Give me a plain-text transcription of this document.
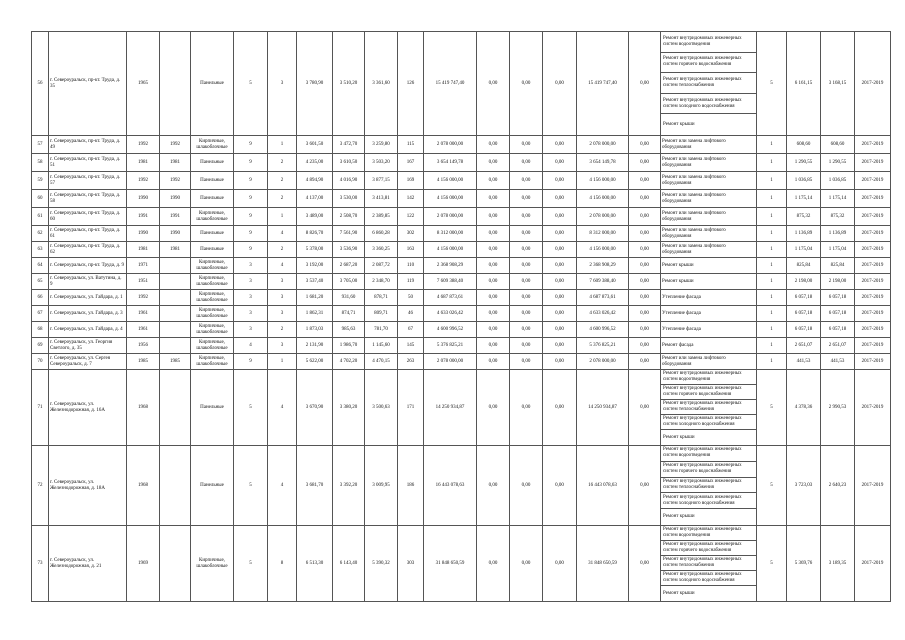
56	г. Североуральск, пр-кт. Труда, д. 35	1965		Панельные	5	3	3 780,90	3 510,20	3 361,60	126	15 419 747,40	0,00	0,00	0,00	15 419 747,40	0,00	Ремонт внутридомовых инженерных систем водоотведения
Ремонт внутридомовых инженерных систем горячего водоснабжения
Ремонт внутридомовых инженерных систем теплоснабжения
Ремонт внутридомовых инженерных систем холодного водоснабжения
Ремонт крыши	5	6 161,15	3 168,15	2017-2019
57	г. Североуральск, пр-кт. Труда, д. 49	1992	1992	Кирпичные, шлакоблочные	9	1	3 601,50	3 472,70	3 259,80	115	2 078 000,00	0,00	0,00	0,00	2 078 000,00	0,00	Ремонт или замена лифтового оборудования	1	608,60	608,60	2017-2019
58	г. Североуральск, пр-кт. Труда, д. 51	1981	1981	Панельные	9	2	4 235,00	3 610,50	3 503,20	167	3 654 149,78	0,00	0,00	0,00	3 654 149,78	0,00	Ремонт или замена лифтового оборудования	1	1 290,55	1 290,55	2017-2019
59	г. Североуральск, пр-кт. Труда, д. 57	1992	1992	Панельные	9	2	4 894,90	4 016,90	3 877,15	169	4 156 000,00	0,00	0,00	0,00	4 156 000,00	0,00	Ремонт или замена лифтового оборудования	1	1 036,85	1 036,85	2017-2019
60	г. Североуральск, пр-кт. Труда, д. 58	1990	1990	Панельные	9	2	4 137,00	3 530,00	3 413,81	142	4 156 000,00	0,00	0,00	0,00	4 156 000,00	0,00	Ремонт или замена лифтового оборудования	1	1 175,14	1 175,14	2017-2019
61	г. Североуральск, пр-кт. Труда, д. 60	1991	1991	Кирпичные, шлакоблочные	9	1	3 489,00	2 508,70	2 389,85	122	2 078 000,00	0,00	0,00	0,00	2 078 000,00	0,00	Ремонт или замена лифтового оборудования	1	875,32	875,32	2017-2019
62	г. Североуральск, пр-кт. Труда, д. 61	1990	1990	Панельные	9	4	8 826,70	7 561,90	6 860,28	302	8 312 000,00	0,00	0,00	0,00	8 312 000,00	0,00	Ремонт или замена лифтового оборудования	1	1 136,89	1 136,89	2017-2019
63	г. Североуральск, пр-кт. Труда, д. 62	1981	1981	Панельные	9	2	5 378,00	3 536,90	3 360,25	163	4 156 000,00	0,00	0,00	0,00	4 156 000,00	0,00	Ремонт или замена лифтового оборудования	1	1 175,04	1 175,04	2017-2019
64	г. Североуральск, пр-кт. Труда, д. 9	1971		Кирпичные, шлакоблочные	3	4	3 192,00	2 687,20	2 087,72	110	2 368 908,29	0,00	0,00	0,00	2 368 908,29	0,00	Ремонт крыши	1	825,84	825,84	2017-2019
65	г. Североуральск, ул. Ватутина, д. 9	1951		Кирпичные, шлакоблочные	3	3	3 537,40	3 705,00	2 348,70	119	7 609 388,40	0,00	0,00	0,00	7 609 388,40	0,00	Ремонт крыши	1	2 198,00	2 198,00	2017-2019
66	г. Североуральск, ул. Гайдара, д. 1	1992		Кирпичные, шлакоблочные	3	3	1 681,20	931,60	878,71	50	4 687 873,61	0,00	0,00	0,00	4 687 873,61	0,00	Утепление фасада	1	6 057,18	6 057,18	2017-2019
67	г. Североуральск, ул. Гайдара, д. 3	1961		Кирпичные, шлакоблочные	3	3	1 862,31	874,71	809,71	46	4 633 026,42	0,00	0,00	0,00	4 633 026,42	0,00	Утепление фасада	1	6 057,18	6 057,18	2017-2019
68	г. Североуральск, ул. Гайдара, д. 4	1961		Кирпичные, шлакоблочные	3	2	1 873,03	985,63	781,70	67	4 600 996,52	0,00	0,00	0,00	4 600 996,52	0,00	Утепление фасада	1	6 057,18	6 057,18	2017-2019
69	г. Североуральск, ул. Георгия Светлого, д. 35	1956		Кирпичные, шлакоблочные	4	3	2 131,90	1 986,70	1 145,60	145	5 376 825,21	0,00	0,00	0,00	5 376 825,21	0,00	Ремонт фасада	1	2 651,07	2 651,07	2017-2019
70	г. Североуральск, ул. Сергея Североуральск, д. 7	1985	1985	Кирпичные, шлакоблочные	9	1	5 622,00	4 702,20	4 470,15	263	2 078 000,00	0,00	0,00	0,00	2 078 000,00	0,00	Ремонт или замена лифтового оборудования	1	441,53	441,53	2017-2019
71	г. Североуральск, ул. Железнодорожная, д. 16А	1968		Панельные	5	4	3 670,90	3 380,20	3 500,63	171	14 250 934,87	0,00	0,00	0,00	14 250 934,87	0,00	Ремонт внутридомовых инженерных систем водоотведения
Ремонт внутридомовых инженерных систем горячего водоснабжения
Ремонт внутридомовых инженерных систем теплоснабжения
Ремонт внутридомовых инженерных систем холодного водоснабжения
Ремонт крыши	5	4 378,36	2 990,53	2017-2019
72	г. Североуральск, ул. Железнодорожная, д. 18А	1968		Панельные	5	4	3 681,70	3 392,20	3 009,95	186	16 443 078,63	0,00	0,00	0,00	16 443 078,63	0,00	Ремонт внутридомовых инженерных систем водоотведения
Ремонт внутридомовых инженерных систем горячего водоснабжения
Ремонт внутридомовых инженерных систем теплоснабжения
Ремонт внутридомовых инженерных систем холодного водоснабжения
Ремонт крыши	5	3 723,03	2 640,23	2017-2019
73	г. Североуральск, ул. Железнодорожная, д. 21	1969		Кирпичные, шлакоблочные	5	8	6 513,30	6 143,40	5 390,32	303	31 848 650,59	0,00	0,00	0,00	31 848 650,59	0,00	Ремонт внутридомовых инженерных систем водоотведения
Ремонт внутридомовых инженерных систем горячего водоснабжения
Ремонт внутридомовых инженерных систем теплоснабжения
Ремонт внутридомовых инженерных систем холодного водоснабжения
Ремонт крыши	5	5 369,76	3 189,35	2017-2019
